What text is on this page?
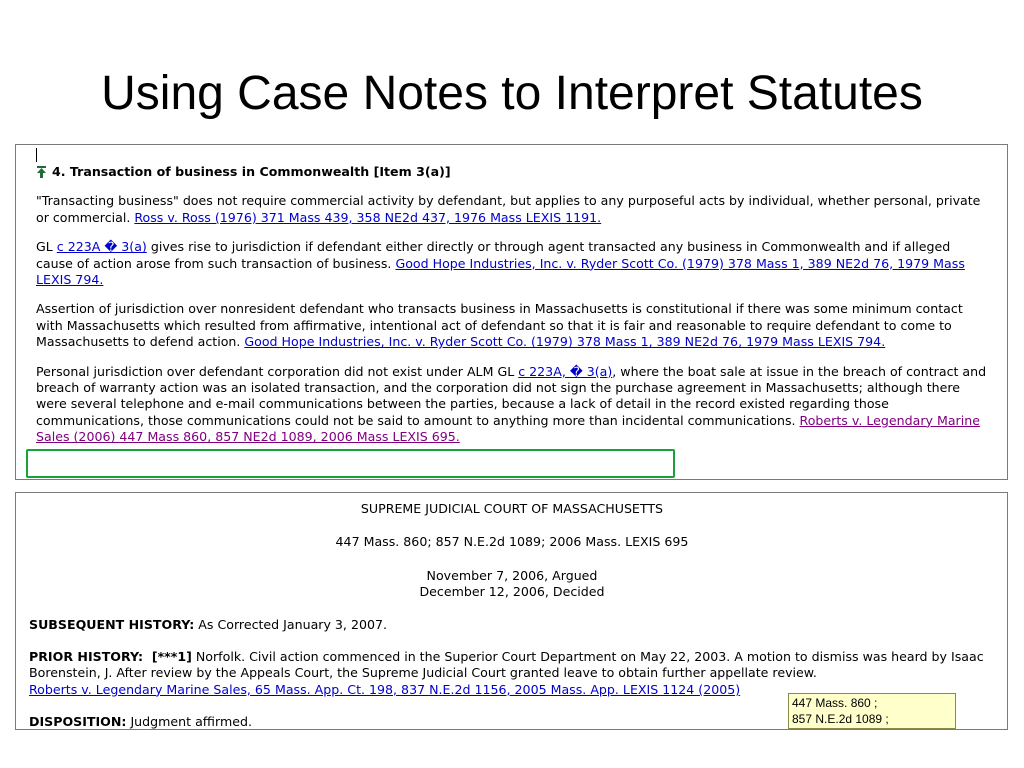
Using Case Notes to Interpret Statutes
4. Transaction of business in Commonwealth [Item 3(a)]

"Transacting business" does not require commercial activity by defendant, but applies to any purposeful acts by individual, whether personal, private or commercial. Ross v. Ross (1976) 371 Mass 439, 358 NE2d 437, 1976 Mass LEXIS 1191.

GL c 223A � 3(a) gives rise to jurisdiction if defendant either directly or through agent transacted any business in Commonwealth and if alleged cause of action arose from such transaction of business. Good Hope Industries, Inc. v. Ryder Scott Co. (1979) 378 Mass 1, 389 NE2d 76, 1979 Mass LEXIS 794.

Assertion of jurisdiction over nonresident defendant who transacts business in Massachusetts is constitutional if there was some minimum contact with Massachusetts which resulted from affirmative, intentional act of defendant so that it is fair and reasonable to require defendant to come to Massachusetts to defend action. Good Hope Industries, Inc. v. Ryder Scott Co. (1979) 378 Mass 1, 389 NE2d 76, 1979 Mass LEXIS 794.

Personal jurisdiction over defendant corporation did not exist under ALM GL c 223A, � 3(a), where the boat sale at issue in the breach of contract and breach of warranty action was an isolated transaction, and the corporation did not sign the purchase agreement in Massachusetts; although there were several telephone and e-mail communications between the parties, because a lack of detail in the record existed regarding those communications, those communications could not be said to amount to anything more than incidental communications. Roberts v. Legendary Marine Sales (2006) 447 Mass 860, 857 NE2d 1089, 2006 Mass LEXIS 695.

SUPREME JUDICIAL COURT OF MASSACHUSETTS
447 Mass. 860; 857 N.E.2d 1089; 2006 Mass. LEXIS 695
November 7, 2006, Argued
December 12, 2006, Decided
SUBSEQUENT HISTORY: As Corrected January 3, 2007.
PRIOR HISTORY:  [***1] Norfolk. Civil action commenced in the Superior Court Department on May 22, 2003. A motion to dismiss was heard by Isaac Borenstein, J. After review by the Appeals Court, the Supreme Judicial Court granted leave to obtain further appellate review.
Roberts v. Legendary Marine Sales, 65 Mass. App. Ct. 198, 837 N.E.2d 1156, 2005 Mass. App. LEXIS 1124 (2005)
DISPOSITION: Judgment affirmed.
447 Mass. 860 ;
857 N.E.2d 1089 ;
